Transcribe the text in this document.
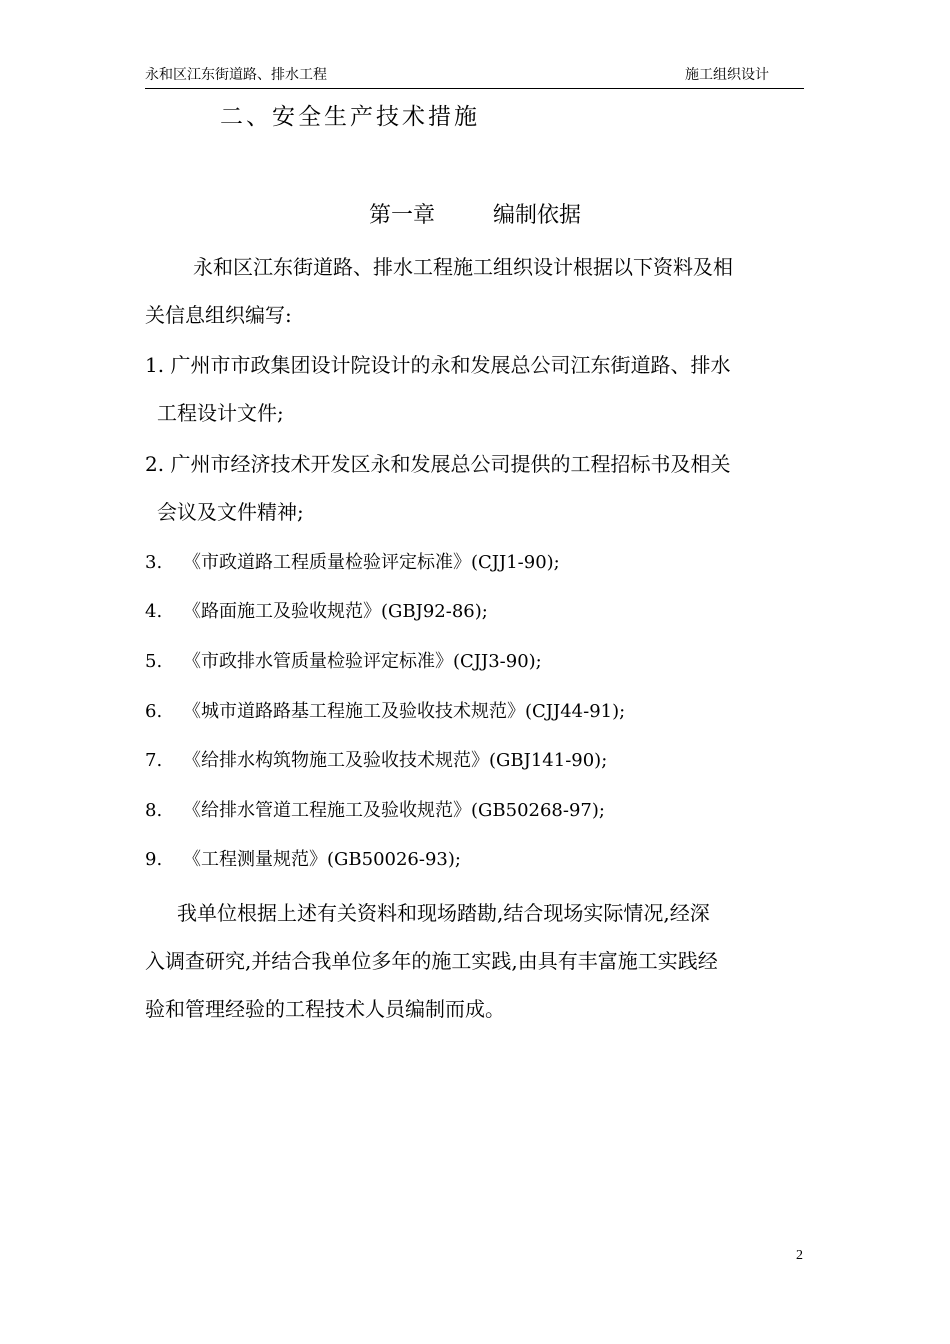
永和区江东街道路、排水工程	施工组织设计
二、安全生产技术措施
第一章	编制依据
永和区江东街道路、排水工程施工组织设计根据以下资料及相
关信息组织编写:
1. 广州市市政集团设计院设计的永和发展总公司江东街道路、排水
工程设计文件;
2. 广州市经济技术开发区永和发展总公司提供的工程招标书及相关
会议及文件精神;
3. 《市政道路工程质量检验评定标准》(CJJ1-90);
4. 《路面施工及验收规范》(GBJ92-86);
5. 《市政排水管质量检验评定标准》(CJJ3-90);
6. 《城市道路路基工程施工及验收技术规范》(CJJ44-91);
7. 《给排水构筑物施工及验收技术规范》(GBJ141-90);
8. 《给排水管道工程施工及验收规范》(GB50268-97);
9. 《工程测量规范》(GB50026-93);
我单位根据上述有关资料和现场踏勘,结合现场实际情况,经深
入调查研究,并结合我单位多年的施工实践,由具有丰富施工实践经
验和管理经验的工程技术人员编制而成。
2
